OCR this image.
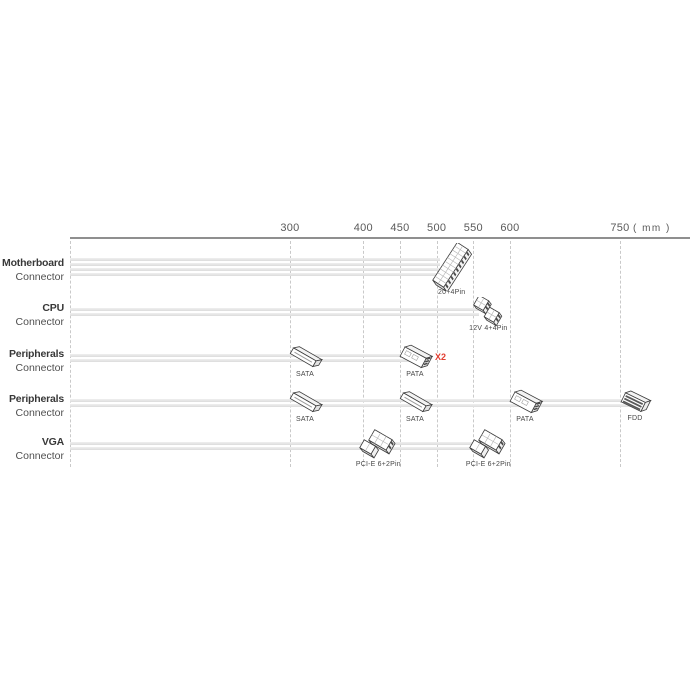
300	400 450 500 550 600	750 ( mm )
Motherboard
Connector
20+4Pin
CPU
Connector
12V 4+4Pin
Peripherals
Connector
SATA	PATA
X2
Peripherals
Connector
SATA	SATA	PATA	FDD
VGA
Connector
PCI-E 6+2Pin	PCI-E 6+2Pin
